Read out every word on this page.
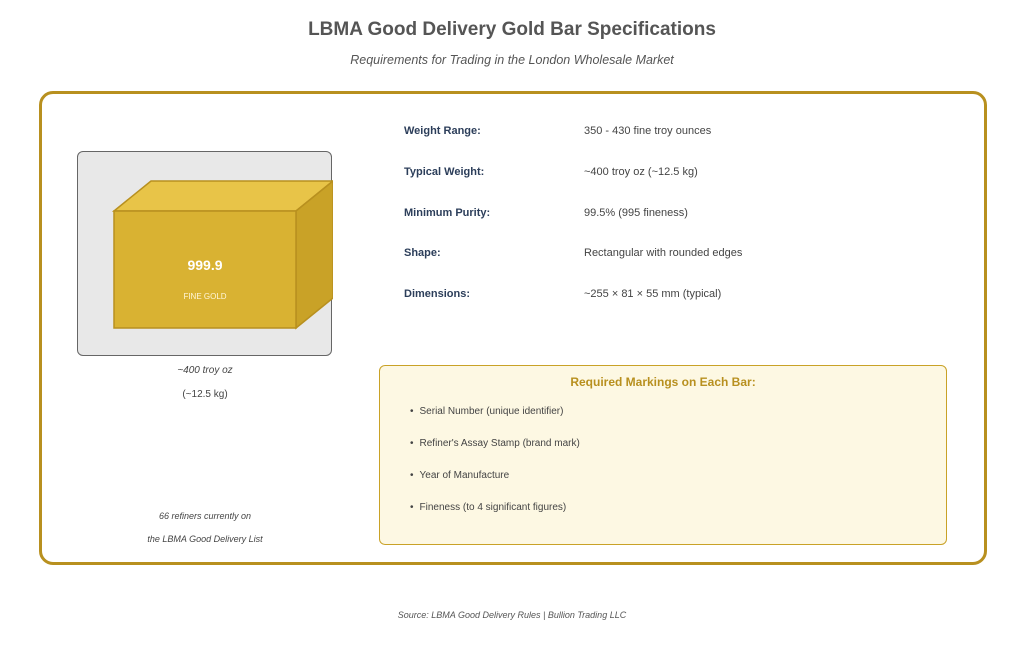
LBMA Good Delivery Gold Bar Specifications
Requirements for Trading in the London Wholesale Market
999.9
FINE GOLD
~400 troy oz
(~12.5 kg)
66 refiners currently on
the LBMA Good Delivery List
Weight Range:	350 - 430 fine troy ounces
Typical Weight:	~400 troy oz (~12.5 kg)
Minimum Purity:	99.5% (995 fineness)
Shape:	Rectangular with rounded edges
Dimensions:	~255 × 81 × 55 mm (typical)
Required Markings on Each Bar:
• Serial Number (unique identifier)
• Refiner's Assay Stamp (brand mark)
• Year of Manufacture
• Fineness (to 4 significant figures)
Source: LBMA Good Delivery Rules | Bullion Trading LLC
